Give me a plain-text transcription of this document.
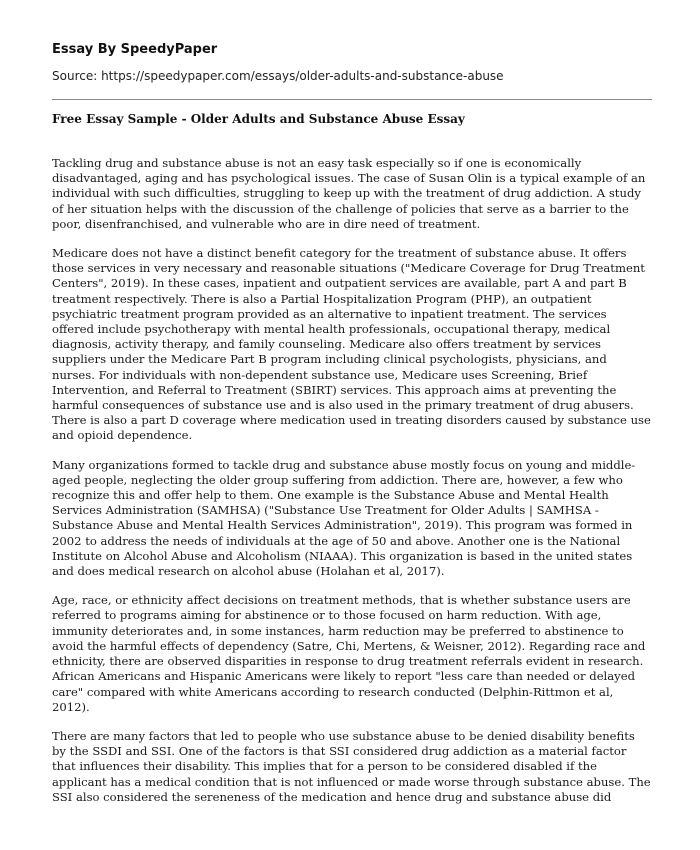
Essay By SpeedyPaper
Source: https://speedypaper.com/essays/older-adults-and-substance-abuse
Free Essay Sample - Older Adults and Substance Abuse Essay

Tackling drug and substance abuse is not an easy task especially so if one is economically disadvantaged, aging and has psychological issues. The case of Susan Olin is a typical example of an individual with such difficulties, struggling to keep up with the treatment of drug addiction. A study of her situation helps with the discussion of the challenge of policies that serve as a barrier to the poor, disenfranchised, and vulnerable who are in dire need of treatment.

Medicare does not have a distinct benefit category for the treatment of substance abuse. It offers those services in very necessary and reasonable situations ("Medicare Coverage for Drug Treatment Centers", 2019). In these cases, inpatient and outpatient services are available, part A and part B treatment respectively. There is also a Partial Hospitalization Program (PHP), an outpatient psychiatric treatment program provided as an alternative to inpatient treatment. The services offered include psychotherapy with mental health professionals, occupational therapy, medical diagnosis, activity therapy, and family counseling. Medicare also offers treatment by services suppliers under the Medicare Part B program including clinical psychologists, physicians, and nurses. For individuals with non-dependent substance use, Medicare uses Screening, Brief Intervention, and Referral to Treatment (SBIRT) services. This approach aims at preventing the harmful consequences of substance use and is also used in the primary treatment of drug abusers. There is also a part D coverage where medication used in treating disorders caused by substance use and opioid dependence.

Many organizations formed to tackle drug and substance abuse mostly focus on young and middle-aged people, neglecting the older group suffering from addiction. There are, however, a few who recognize this and offer help to them. One example is the Substance Abuse and Mental Health Services Administration (SAMHSA) ("Substance Use Treatment for Older Adults | SAMHSA - Substance Abuse and Mental Health Services Administration", 2019). This program was formed in 2002 to address the needs of individuals at the age of 50 and above. Another one is the National Institute on Alcohol Abuse and Alcoholism (NIAAA). This organization is based in the united states and does medical research on alcohol abuse (Holahan et al, 2017).

Age, race, or ethnicity affect decisions on treatment methods, that is whether substance users are referred to programs aiming for abstinence or to those focused on harm reduction. With age, immunity deteriorates and, in some instances, harm reduction may be preferred to abstinence to avoid the harmful effects of dependency (Satre, Chi, Mertens, & Weisner, 2012). Regarding race and ethnicity, there are observed disparities in response to drug treatment referrals evident in research. African Americans and Hispanic Americans were likely to report "less care than needed or delayed care" compared with white Americans according to research conducted (Delphin-Rittmon et al, 2012).

There are many factors that led to people who use substance abuse to be denied disability benefits by the SSDI and SSI. One of the factors is that SSI considered drug addiction as a material factor that influences their disability. This implies that for a person to be considered disabled if the applicant has a medical condition that is not influenced or made worse through substance abuse. The SSI also considered the sereneness of the medication and hence drug and substance abuse did
